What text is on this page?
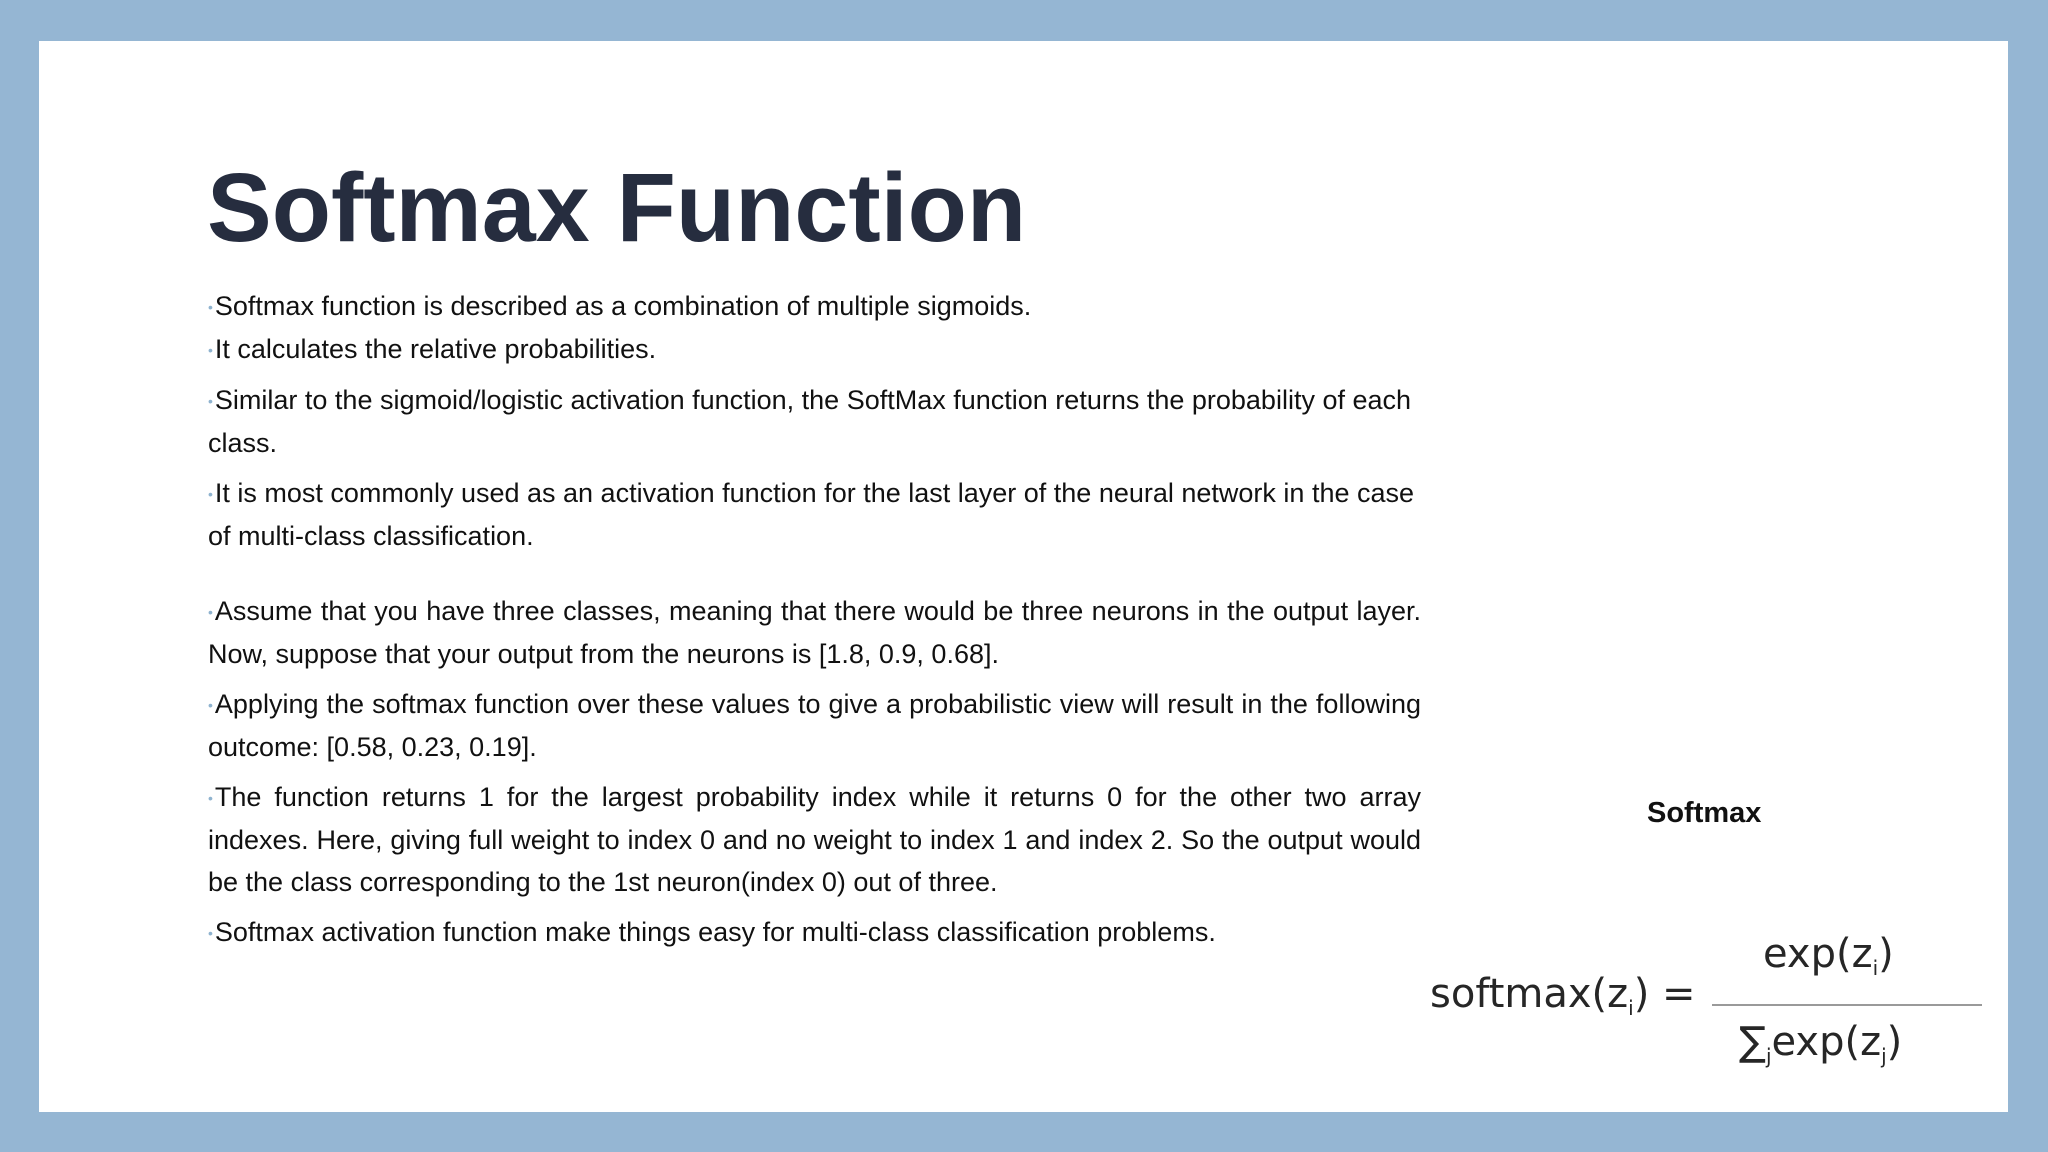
Softmax Function
•Softmax function is described as a combination of multiple sigmoids.
•It calculates the relative probabilities.
•Similar to the sigmoid/logistic activation function, the SoftMax function returns the probability of each class.
•It is most commonly used as an activation function for the last layer of the neural network in the case of multi-class classification.
•Assume that you have three classes, meaning that there would be three neurons in the output layer. Now, suppose that your output from the neurons is [1.8, 0.9, 0.68].
•Applying the softmax function over these values to give a probabilistic view will result in the following outcome: [0.58, 0.23, 0.19].
•The function returns 1 for the largest probability index while it returns 0 for the other two array indexes. Here, giving full weight to index 0 and no weight to index 1 and index 2. So the output would be the class corresponding to the 1st neuron(index 0) out of three.
•Softmax activation function make things easy for multi-class classification problems.
Softmax
$softmax(z_i)$ =
$\exp(z_i)$
$\sum_j\exp(z_j)$
